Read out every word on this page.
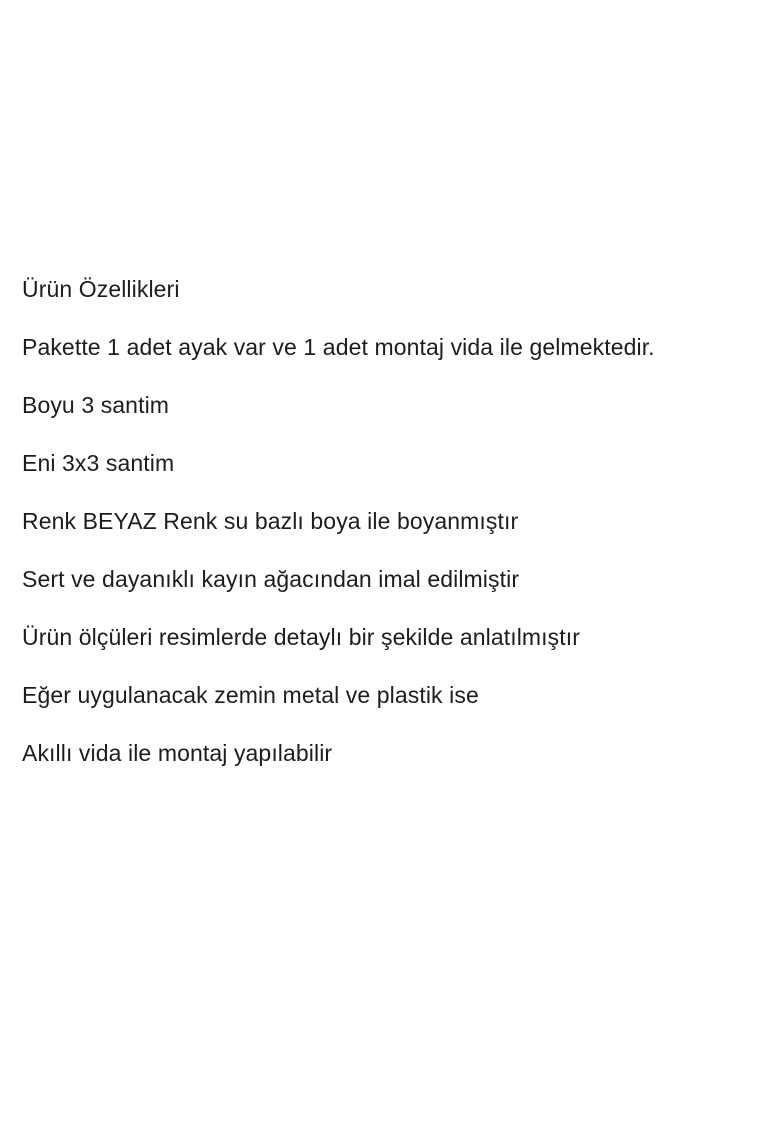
Ürün Özellikleri

Pakette 1 adet ayak var ve 1 adet montaj vida ile gelmektedir.

Boyu 3 santim

Eni 3x3 santim

Renk BEYAZ Renk su bazlı boya ile boyanmıştır

Sert ve dayanıklı kayın ağacından imal edilmiştir

Ürün ölçüleri resimlerde detaylı bir şekilde anlatılmıştır

Eğer uygulanacak zemin metal ve plastik ise

Akıllı vida ile montaj yapılabilir
